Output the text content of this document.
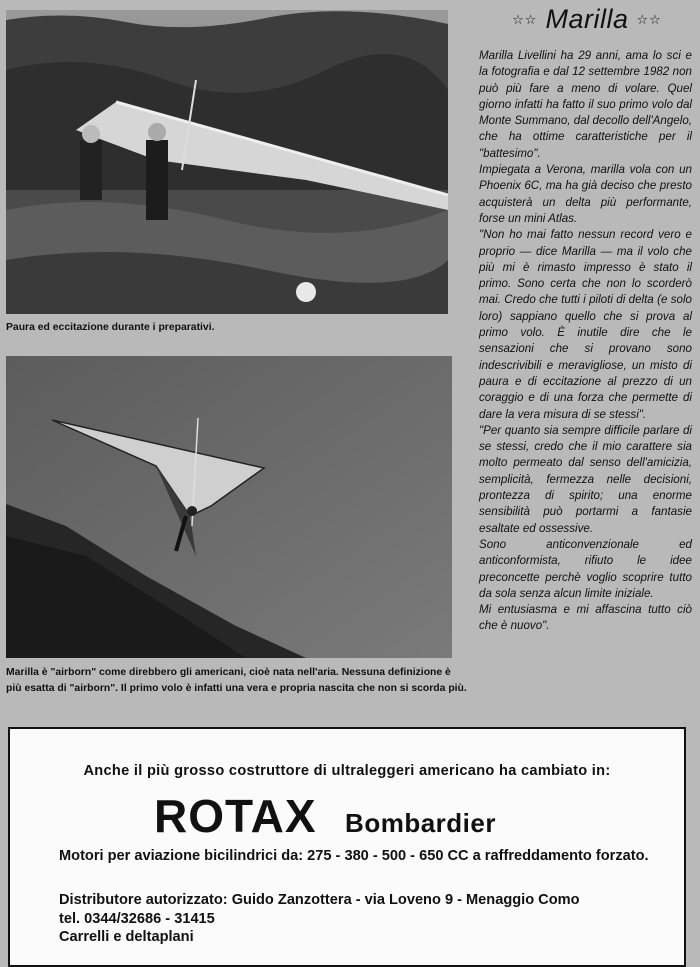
Paura ed eccitazione durante i preparativi.
Marilla è "airborn" come direbbero gli americani, cioè nata nell'aria. Nessuna definizione è più esatta di "airborn". Il primo volo è infatti una vera e propria nascita che non si scorda più.
☆☆ Marilla ☆☆

Marilla Livellini ha 29 anni, ama lo sci e la fotografia e dal 12 settembre 1982 non può più fare a meno di volare. Quel giorno infatti ha fatto il suo primo volo dal Monte Summano, dal decollo dell'Angelo, che ha ottime caratteristiche per il "battesimo".

Impiegata a Verona, marilla vola con un Phoenix 6C, ma ha già deciso che presto acquisterà un delta più performante, forse un mini Atlas.

"Non ho mai fatto nessun record vero e proprio — dice Marilla — ma il volo che più mi è rimasto impresso è stato il primo. Sono certa che non lo scorderò mai. Credo che tutti i piloti di delta (e solo loro) sappiano quello che si prova al primo volo. È inutile dire che le sensazioni che si provano sono indescrivibili e meravigliose, un misto di paura e di eccitazione al prezzo di un coraggio e di una forza che permette di dare la vera misura di se stessi".

"Per quanto sia sempre difficile parlare di se stessi, credo che il mio carattere sia molto permeato dal senso dell'amicizia, semplicità, fermezza nelle decisioni, prontezza di spirito; una enorme sensibilità può portarmi a fantasie esaltate ed ossessive.

Sono anticonvenzionale ed anticonformista, rifiuto le idee preconcette perchè voglio scoprire tutto da sola senza alcun limite iniziale.

Mi entusiasma e mi affascina tutto ciò che è nuovo".

Anche il più grosso costruttore di ultraleggeri americano ha cambiato in:
ROTAX Bombardier
Motori per aviazione bicilindrici da: 275 - 380 - 500 - 650 CC a raffreddamento forzato.
Distributore autorizzato: Guido Zanzottera - via Loveno 9 - Menaggio Como
tel. 0344/32686 - 31415
Carrelli e deltaplani
